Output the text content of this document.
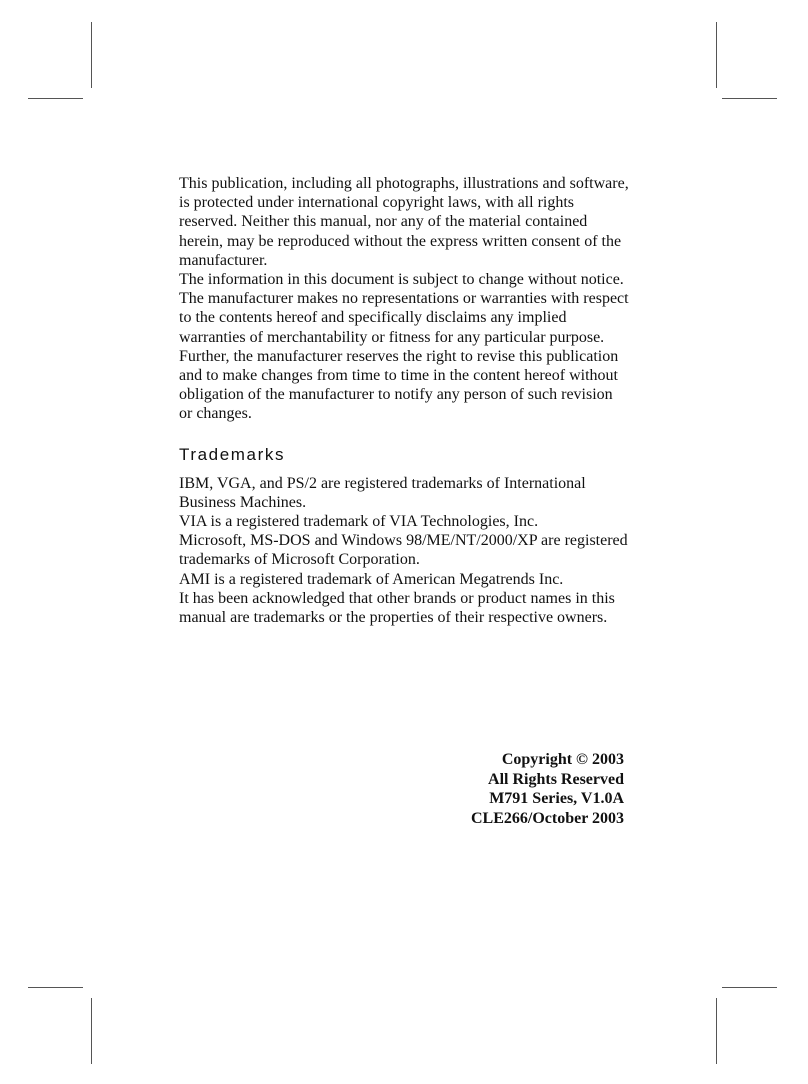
This publication, including all photographs, illustrations and software, is protected under international copyright laws, with all rights reserved. Neither this manual, nor any of the material contained herein, may be reproduced without the express written consent of the manufacturer.

The information in this document is subject to change without notice. The manufacturer makes no representations or warranties with respect to the contents hereof and specifically disclaims any implied warranties of merchantability or fitness for any particular purpose. Further, the manufacturer reserves the right to revise this publication and to make changes from time to time in the content hereof without obligation of the manufacturer to notify any person of such revision or changes.

Trademarks

IBM, VGA, and PS/2 are registered trademarks of International Business Machines.

VIA is a registered trademark of VIA Technologies, Inc.

Microsoft, MS-DOS and Windows 98/ME/NT/2000/XP are registered trademarks of Microsoft Corporation.

AMI is a registered trademark of American Megatrends Inc.

It has been acknowledged that other brands or product names in this manual are trademarks or the properties of their respective owners.

Copyright © 2003
All Rights Reserved
M791 Series, V1.0A
CLE266/October 2003
